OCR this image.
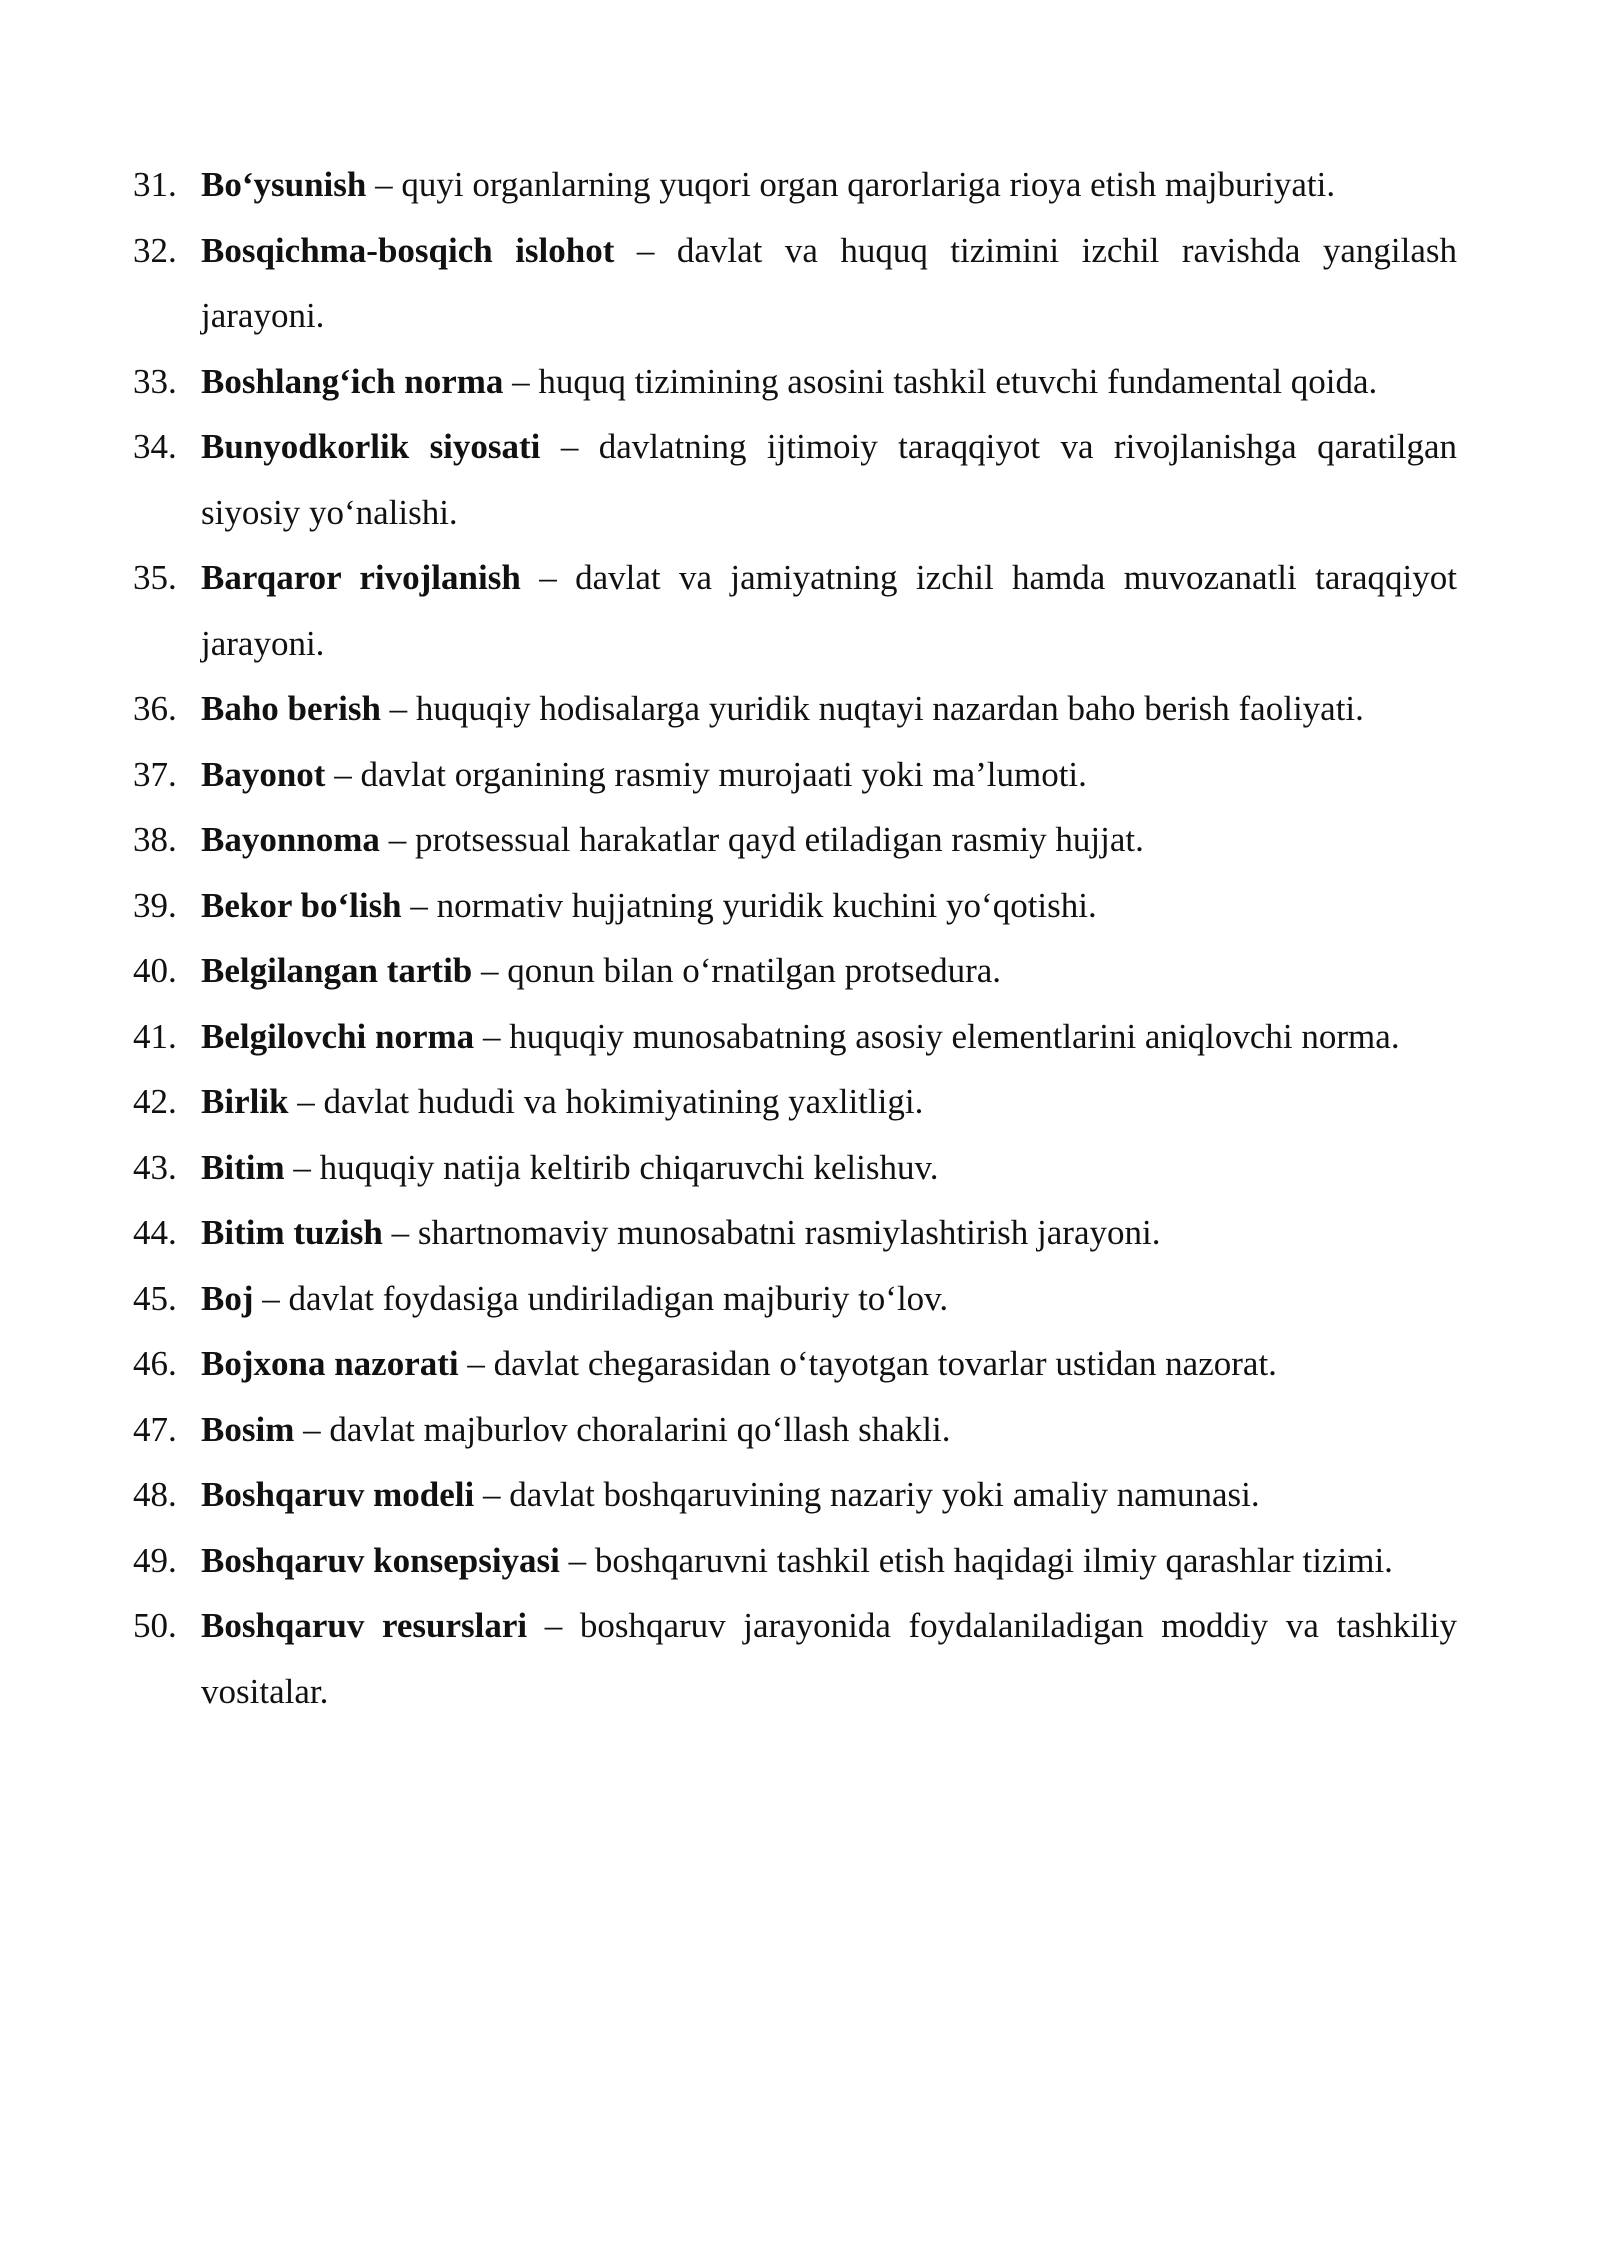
31. Bo‘ysunish – quyi organlarning yuqori organ qarorlariga rioya etish majburiyati.
32. Bosqichma-bosqich islohot – davlat va huquq tizimini izchil ravishda yangilash jarayoni.
33. Boshlang‘ich norma – huquq tizimining asosini tashkil etuvchi fundamental qoida.
34. Bunyodkorlik siyosati – davlatning ijtimoiy taraqqiyot va rivojlanishga qaratilgan siyosiy yo‘nalishi.
35. Barqaror rivojlanish – davlat va jamiyatning izchil hamda muvozanatli taraqqiyot jarayoni.
36. Baho berish – huquqiy hodisalarga yuridik nuqtayi nazardan baho berish faoliyati.
37. Bayonot – davlat organining rasmiy murojaati yoki ma’lumoti.
38. Bayonnoma – protsessual harakatlar qayd etiladigan rasmiy hujjat.
39. Bekor bo‘lish – normativ hujjatning yuridik kuchini yo‘qotishi.
40. Belgilangan tartib – qonun bilan o‘rnatilgan protsedura.
41. Belgilovchi norma – huquqiy munosabatning asosiy elementlarini aniqlovchi norma.
42. Birlik – davlat hududi va hokimiyatining yaxlitligi.
43. Bitim – huquqiy natija keltirib chiqaruvchi kelishuv.
44. Bitim tuzish – shartnomaviy munosabatni rasmiylashtirish jarayoni.
45. Boj – davlat foydasiga undiriladigan majburiy to‘lov.
46. Bojxona nazorati – davlat chegarasidan o‘tayotgan tovarlar ustidan nazorat.
47. Bosim – davlat majburlov choralarini qo‘llash shakli.
48. Boshqaruv modeli – davlat boshqaruvining nazariy yoki amaliy namunasi.
49. Boshqaruv konsepsiyasi – boshqaruvni tashkil etish haqidagi ilmiy qarashlar tizimi.
50. Boshqaruv resurslari – boshqaruv jarayonida foydalaniladigan moddiy va tashkiliy vositalar.
